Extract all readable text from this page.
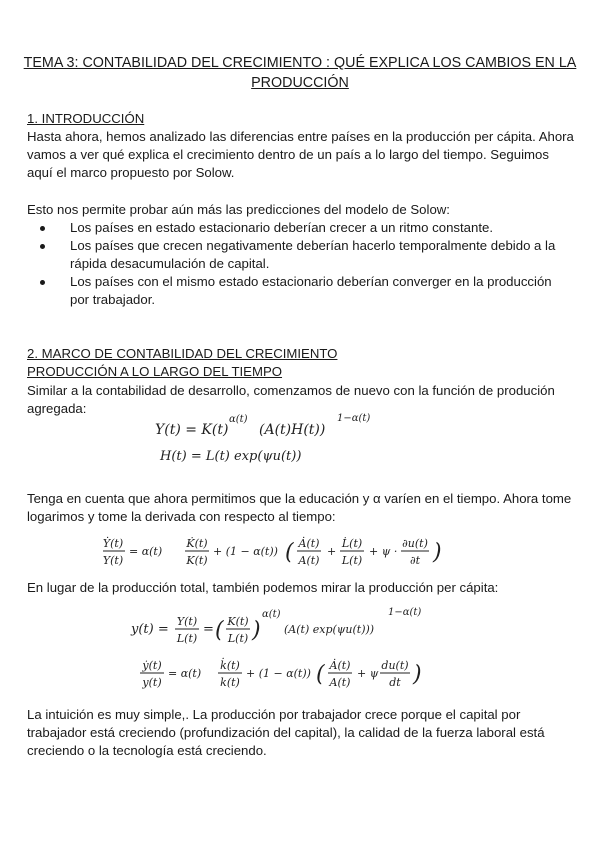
TEMA 3: CONTABILIDAD DEL CRECIMIENTO : QUÉ EXPLICA LOS CAMBIOS EN LA PRODUCCIÓN
1. INTRODUCCIÓN
Hasta ahora, hemos analizado las diferencias entre países en la producción per cápita. Ahora vamos a ver qué explica el crecimiento dentro de un país a lo largo del tiempo. Seguimos aquí el marco propuesto por Solow.
Esto nos permite probar aún más las predicciones del modelo de Solow:
Los países en estado estacionario deberían crecer a un ritmo constante.
Los países que crecen negativamente deberían hacerlo temporalmente debido a la rápida desacumulación de capital.
Los países con el mismo estado estacionario deberían converger en la producción por trabajador.
2. MARCO DE CONTABILIDAD DEL CRECIMIENTO
PRODUCCIÓN A LO LARGO DEL TIEMPO
Similar a la contabilidad de desarrollo, comenzamos de nuevo con la función de produción agregada:
Y(t) = K(t)
α(t)
(A(t)H(t))
1−α(t)
H(t) = L(t) exp(ψu(t))
Tenga en cuenta que ahora permitimos que la educación y α varíen en el tiempo. Ahora tome logarimos y tome la derivada con respecto al tiempo:
Ẏ(t)
Y(t)
= α(t)
K̇(t)
K(t)
+ (1 − α(t)) ( Ȧ(t)
A(t)
+
L̇(t)
L(t)
+ ψ ·
∂u(t)
∂t )
En lugar de la producción total, también podemos mirar la producción per cápita:
y(t) =
Y(t)
L(t)
= ( K(t)
L(t) )
α(t)
(A(t) exp(ψu(t)))
1−α(t)
ẏ(t)
y(t)
= α(t)
k̇(t)
k(t)
+ (1 − α(t)) ( Ȧ(t)
A(t)
+ ψ
du(t)
dt )
La intuición es muy simple,. La producción por trabajador crece porque el capital por trabajador está creciendo (profundización del capital), la calidad de la fuerza laboral está creciendo o la tecnología está creciendo.
